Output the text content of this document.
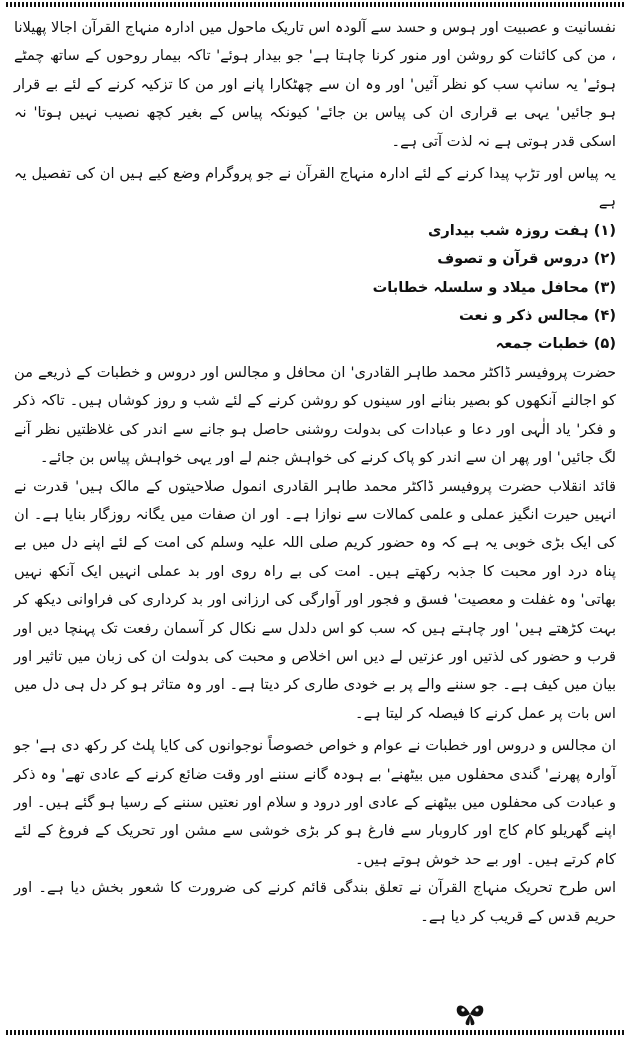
نفسانیت و عصبیت اور ہوس و حسد سے آلودہ اس تاریک ماحول میں ادارہ منہاج القرآن اجالا پھیلانا ، من کی کائنات کو روشن اور منور کرنا چاہتا ہے' جو بیدار ہوئے' تاکہ بیمار روحوں کے ساتھ چمٹے ہوئے' یہ سانپ سب کو نظر آئیں' اور وہ ان سے چھٹکارا پانے اور من کا تزکیہ کرنے کے لئے بے قرار ہو جائیں' یہی بے قراری ان کی پیاس بن جائے' کیونکہ پیاس کے بغیر کچھ نصیب نہیں ہوتا' نہ اسکی قدر ہوتی ہے نہ لذت آتی ہے۔

یہ پیاس اور تڑپ پیدا کرنے کے لئے ادارہ منہاج القرآن نے جو پروگرام وضع کیے ہیں ان کی تفصیل یہ ہے

(۱) ہفت روزہ شب بیداری
(۲) دروس قرآن و تصوف
(۳) محافل میلاد و سلسلہ خطابات
(۴) مجالس ذکر و نعت
(۵) خطبات جمعہ

حضرت پروفیسر ڈاکٹر محمد طاہر القادری' ان محافل و مجالس اور دروس و خطبات کے ذریعے من کو اجالنے آنکھوں کو بصیر بنانے اور سینوں کو روشن کرنے کے لئے شب و روز کوشاں ہیں۔ تاکہ ذکر و فکر' یاد الٰہی اور دعا و عبادات کی بدولت روشنی حاصل ہو جانے سے اندر کی غلاظتیں نظر آنے لگ جائیں' اور پھر ان سے اندر کو پاک کرنے کی خواہش جنم لے اور یہی خواہش پیاس بن جائے۔

قائد انقلاب حضرت پروفیسر ڈاکٹر محمد طاہر القادری انمول صلاحیتوں کے مالک ہیں' قدرت نے انہیں حیرت انگیز عملی و علمی کمالات سے نوازا ہے۔ اور ان صفات میں یگانہ روزگار بنایا ہے۔ ان کی ایک بڑی خوبی یہ ہے کہ وہ حضور کریم صلی اللہ علیہ وسلم کی امت کے لئے اپنے دل میں بے پناہ درد اور محبت کا جذبہ رکھتے ہیں۔ امت کی بے راہ روی اور بد عملی انہیں ایک آنکھ نہیں بھاتی' وہ غفلت و معصیت' فسق و فجور اور آوارگی کی ارزانی اور بد کرداری کی فراوانی دیکھ کر بہت کڑھتے ہیں' اور چاہتے ہیں کہ سب کو اس دلدل سے نکال کر آسمان رفعت تک پہنچا دیں اور قرب و حضور کی لذتیں اور عزتیں لے دیں اس اخلاص و محبت کی بدولت ان کی زبان میں تاثیر اور بیان میں کیف ہے۔ جو سننے والے پر بے خودی طاری کر دیتا ہے۔ اور وہ متاثر ہو کر دل ہی دل میں اس بات پر عمل کرنے کا فیصلہ کر لیتا ہے۔

ان مجالس و دروس اور خطبات نے عوام و خواص خصوصاً نوجوانوں کی کایا پلٹ کر رکھ دی ہے' جو آوارہ پھرنے' گندی محفلوں میں بیٹھنے' بے ہودہ گانے سننے اور وقت ضائع کرنے کے عادی تھے' وہ ذکر و عبادت کی محفلوں میں بیٹھنے کے عادی اور درود و سلام اور نعتیں سننے کے رسیا ہو گئے ہیں۔ اور اپنے گھریلو کام کاج اور کاروبار سے فارغ ہو کر بڑی خوشی سے مشن اور تحریک کے فروغ کے لئے کام کرتے ہیں۔ اور بے حد خوش ہوتے ہیں۔

اس طرح تحریک منہاج القرآن نے تعلق بندگی قائم کرنے کی ضرورت کا شعور بخش دیا ہے۔ اور حریم قدس کے قریب کر دیا ہے۔
